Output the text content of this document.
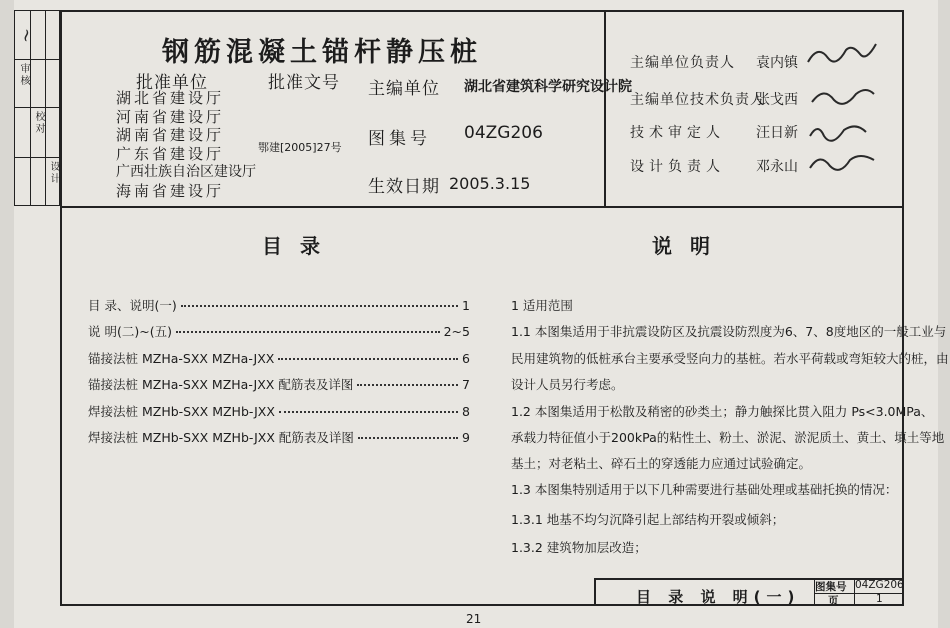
审核
校对
设计
~
钢筋混凝土锚杆静压桩
批准单位
湖北省建设厅
河南省建设厅
湖南省建设厅
广东省建设厅
广西壮族自治区建设厅
海南省建设厅
批准文号
鄂建[2005]27号
主编单位 湖北省建筑科学研究设计院
图集号 04ZG206
生效日期 2005.3.15
主编单位负责人 袁内镇
主编单位技术负责人
张戈西
技术审定人 汪日新
设计负责人 邓永山
目录
目 录、说明(一)	1
说 明(二)~(五)	2~5
锚接法桩 MZHa-SXX MZHa-JXX	6
锚接法桩 MZHa-SXX MZHa-JXX 配筋表及详图	7
焊接法桩 MZHb-SXX MZHb-JXX	8
焊接法桩 MZHb-SXX MZHb-JXX 配筋表及详图	9
说明
1 适用范围
1.1 本图集适用于非抗震设防区及抗震设防烈度为6、7、8度地区的一般工业与
民用建筑物的低桩承台主要承受竖向力的基桩。若水平荷载或弯矩较大的桩，由
设计人员另行考虑。
1.2 本图集适用于松散及稍密的砂类土；静力触探比贯入阻力 Ps<3.0MPa、
承载力特征值小于200kPa的粘性土、粉土、淤泥、淤泥质土、黄土、填土等地
基土；对老粘土、碎石土的穿透能力应通过试验确定。
1.3 本图集特别适用于以下几种需要进行基础处理或基础托换的情况：
1.3.1 地基不均匀沉降引起上部结构开裂或倾斜；
1.3.2 建筑物加层改造；
目 录 说 明(一)
图集号 04ZG206
页	1
21
